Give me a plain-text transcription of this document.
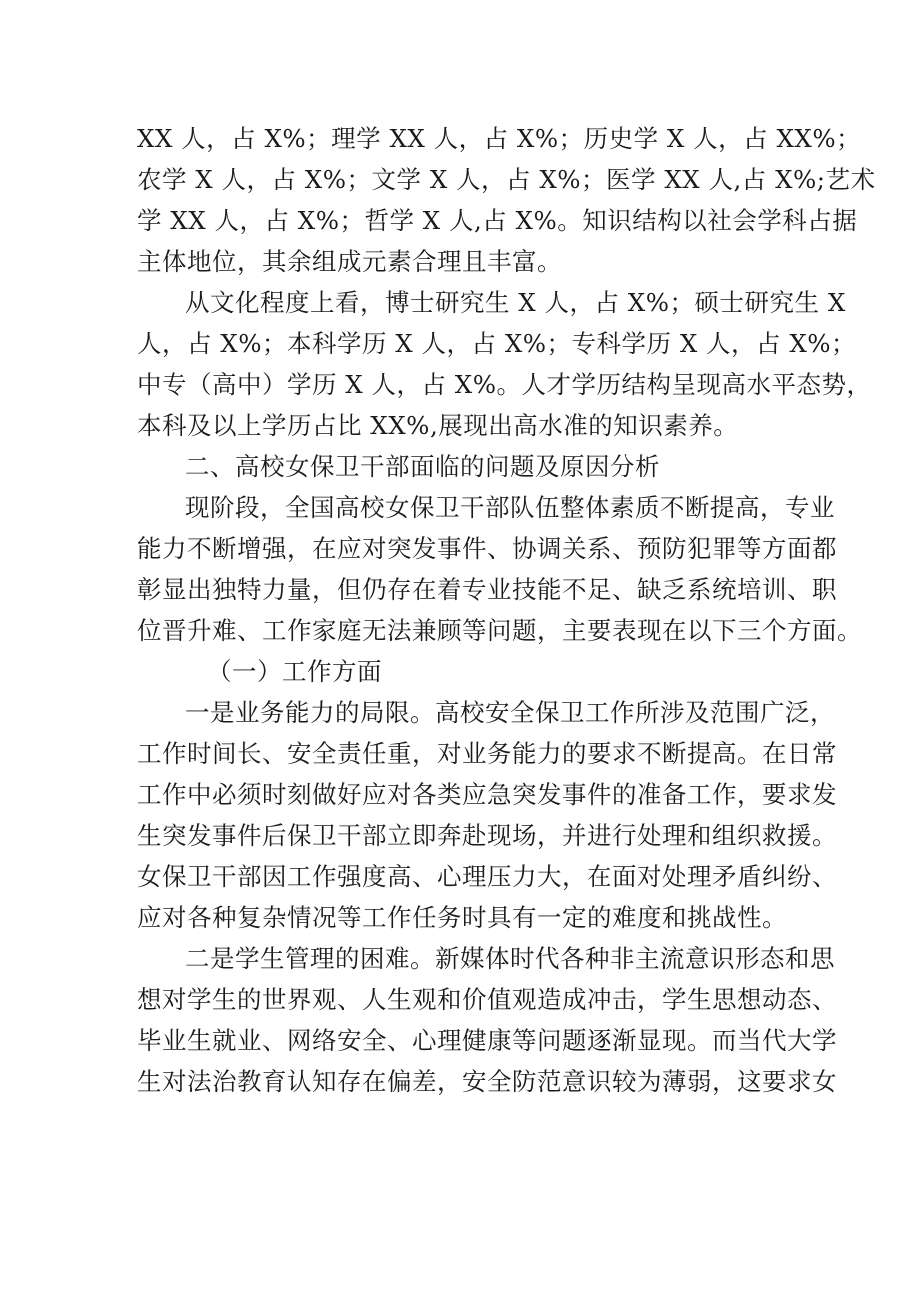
XX 人，占 X%；理学 XX 人，占 X%；历史学 X 人，占 XX%；
农学 X 人，占 X%；文学 X 人，占 X%；医学 XX 人,占 X%;艺术
学 XX 人，占 X%；哲学 X 人,占 X%。知识结构以社会学科占据
主体地位，其余组成元素合理且丰富。
从文化程度上看，博士研究生 X 人，占 X%；硕士研究生 X
人，占 X%；本科学历 X 人，占 X%；专科学历 X 人，占 X%；
中专（高中）学历 X 人，占 X%。人才学历结构呈现高水平态势，
本科及以上学历占比 XX%,展现出高水准的知识素养。
二、高校女保卫干部面临的问题及原因分析
现阶段，全国高校女保卫干部队伍整体素质不断提高，专业
能力不断增强，在应对突发事件、协调关系、预防犯罪等方面都
彰显出独特力量，但仍存在着专业技能不足、缺乏系统培训、职
位晋升难、工作家庭无法兼顾等问题，主要表现在以下三个方面。
（一）工作方面
一是业务能力的局限。高校安全保卫工作所涉及范围广泛，
工作时间长、安全责任重，对业务能力的要求不断提高。在日常
工作中必须时刻做好应对各类应急突发事件的准备工作，要求发
生突发事件后保卫干部立即奔赴现场，并进行处理和组织救援。
女保卫干部因工作强度高、心理压力大，在面对处理矛盾纠纷、
应对各种复杂情况等工作任务时具有一定的难度和挑战性。
二是学生管理的困难。新媒体时代各种非主流意识形态和思
想对学生的世界观、人生观和价值观造成冲击，学生思想动态、
毕业生就业、网络安全、心理健康等问题逐渐显现。而当代大学
生对法治教育认知存在偏差，安全防范意识较为薄弱，这要求女
